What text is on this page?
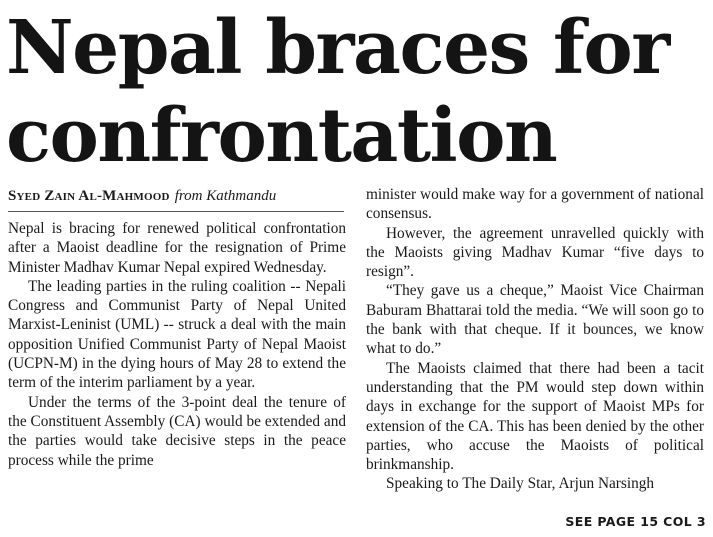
Nepal braces for
confrontation
Syed Zain Al-Mahmood from Kathmandu

Nepal is bracing for renewed political confrontation after a Maoist deadline for the resignation of Prime Minister Madhav Kumar Nepal expired Wednesday.

The leading parties in the ruling coalition -- Nepali Congress and Communist Party of Nepal United Marxist-Leninist (UML) -- struck a deal with the main opposition Unified Communist Party of Nepal Maoist (UCPN-M) in the dying hours of May 28 to extend the term of the interim parliament by a year.

Under the terms of the 3-point deal the tenure of the Constituent Assembly (CA) would be extended and the parties would take decisive steps in the peace process while the prime

minister would make way for a government of national consensus.

However, the agreement unravelled quickly with the Maoists giving Madhav Kumar “five days to resign”.

“They gave us a cheque,” Maoist Vice Chairman Baburam Bhattarai told the media. “We will soon go to the bank with that cheque. If it bounces, we know what to do.”

The Maoists claimed that there had been a tacit understanding that the PM would step down within days in exchange for the support of Maoist MPs for extension of the CA. This has been denied by the other parties, who accuse the Maoists of political brinkmanship.

Speaking to The Daily Star, Arjun Narsingh

SEE PAGE 15 COL 3
